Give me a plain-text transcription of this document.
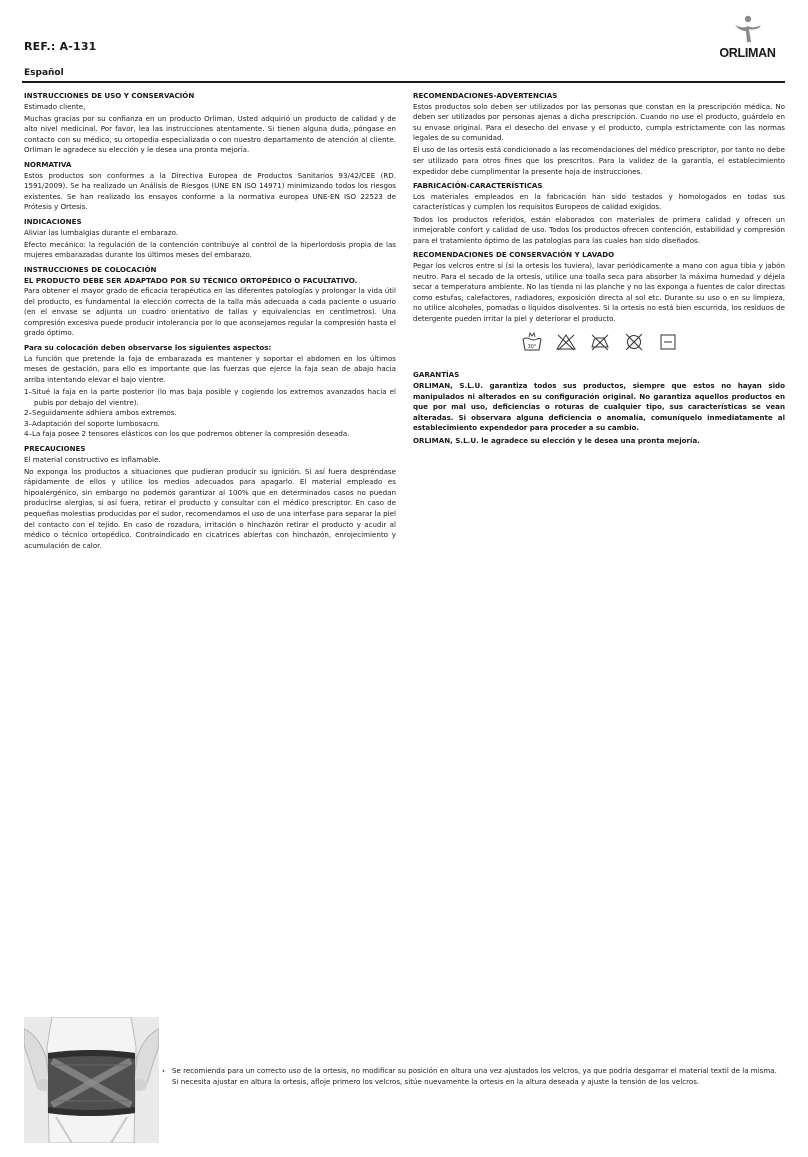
REF.: A-131	ORLIMAN
Español
INSTRUCCIONES DE USO Y CONSERVACIÓN

Estimado cliente,

Muchas gracias por su confianza en un producto Orliman. Usted adquirió un producto de calidad y de alto nivel medicinal. Por favor, lea las instrucciones atentamente. Si tienen alguna duda, póngase en contacto con su médico, su ortopedia especializada o con nuestro departamento de atención al cliente. Orliman le agradece su elección y le desea una pronta mejoría.

NORMATIVA

Estos productos son conformes a la Directiva Europea de Productos Sanitarios 93/42/CEE (RD. 1591/2009). Se ha realizado un Análisis de Riesgos (UNE EN ISO 14971) minimizando todos los riesgos existentes. Se han realizado los ensayos conforme a la normativa europea UNE-EN ISO 22523 de Prótesis y Ortesis.

INDICACIONES

Aliviar las lumbalgias durante el embarazo.

Efecto mecánico: la regulación de la contención contribuye al control de la hiperlordosis propia de las mujeres embarazadas durante los últimos meses del embarazo.

INSTRUCCIONES DE COLOCACIÓN
EL PRODUCTO DEBE SER ADAPTADO POR SU TÉCNICO ORTOPÉDICO O FACULTATIVO.

Para obtener el mayor grado de eficacia terapéutica en las diferentes patologías y prolongar la vida útil del producto, es fundamental la elección correcta de la talla más adecuada a cada paciente o usuario (en el envase se adjunta un cuadro orientativo de tallas y equivalencias en centímetros). Una compresión excesiva puede producir intolerancia por lo que aconsejamos regular la compresión hasta el grado óptimo.

Para su colocación deben observarse los siguientes aspectos:

La función que pretende la faja de embarazada es mantener y soportar el abdomen en los últimos meses de gestación, para ello es importante que las fuerzas que ejerce la faja sean de abajo hacia arriba intentando elevar el bajo vientre.

1–Situé la faja en la parte posterior (lo mas baja posible y cogiendo los extremos avanzados hacia el pubis por debajo del vientre).

2–Seguidamente adhiera ambos extremos.

3–Adaptación del soporte lumbosacro.

4–La faja posee 2 tensores elásticos con los que podremos obtener la compresión deseada.

PRECAUCIONES

El material constructivo es inflamable.

No exponga los productos a situaciones que pudieran producir su ignición. Si así fuera despréndase rápidamente de ellos y utilice los medios adecuados para apagarlo. El material empleado es hipoalergénico, sin embargo no podemos garantizar al 100% que en determinados casos no puedan producirse alergias, si así fuera, retirar el producto y consultar con el médico prescriptor. En caso de pequeñas molestias producidas por el sudor, recomendamos el uso de una interfase para separar la piel del contacto con el tejido. En caso de rozadura, irritación o hinchazón retirar el producto y acudir al médico o técnico ortopédico. Contraindicado en cicatrices abiertas con hinchazón, enrojecimiento y acumulación de calor.

RECOMENDACIONES-ADVERTENCIAS

Estos productos solo deben ser utilizados por las personas que constan en la prescripción médica. No deben ser utilizados por personas ajenas a dicha prescripción. Cuando no use el producto, guárdelo en su envase original. Para el desecho del envase y el producto, cumpla estrictamente con las normas legales de su comunidad.

El uso de las ortesis está condicionado a las recomendaciones del médico prescriptor, por tanto no debe ser utilizado para otros fines que los prescritos. Para la validez de la garantía, el establecimiento expedidor debe cumplimentar la presente hoja de instrucciones.

FABRICACIÓN-CARACTERÍSTICAS

Los materiales empleados en la fabricación han sido testados y homologados en todas sus características y cumplen los requisitos Europeos de calidad exigidos.

Todos los productos referidos, están elaborados con materiales de primera calidad y ofrecen un inmejorable confort y calidad de uso. Todos los productos ofrecen contención, estabilidad y compresión para el tratamiento óptimo de las patologías para las cuales han sido diseñados.

RECOMENDACIONES DE CONSERVACIÓN Y LAVADO

Pegar los velcros entre sí (si la ortesis los tuviera), lavar periódicamente a mano con agua tibia y jabón neutro. Para el secado de la ortesis, utilice una toalla seca para absorber la máxima humedad y déjela secar a temperatura ambiente. No las tienda ni las planche y no las exponga a fuentes de calor directas como estufas, calefactores, radiadores, exposición directa al sol etc. Durante su uso o en su limpieza, no utilice alcoholes, pomadas o líquidos disolventes. Si la ortesis no está bien escurrida, los residuos de detergente pueden irritar la piel y deteriorar el producto.

30°
GARANTÍAS

ORLIMAN, S.L.U. garantiza todos sus productos, siempre que estos no hayan sido manipulados ni alterados en su configuración original. No garantiza aquellos productos en que por mal uso, deficiencias o roturas de cualquier tipo, sus características se vean alteradas. Si observara alguna deficiencia o anomalía, comuníquelo inmediatamente al establecimiento expendedor para proceder a su cambio.

ORLIMAN, S.L.U. le agradece su elección y le desea una pronta mejoría.

› Se recomienda para un correcto uso de la ortesis, no modificar su posición en altura una vez ajustados los velcros, ya que podría desgarrar el material textil de la misma. Si necesita ajustar en altura la ortesis, afloje primero los velcros, sitúe nuevamente la ortesis en la altura deseada y ajuste la tensión de los velcros.
